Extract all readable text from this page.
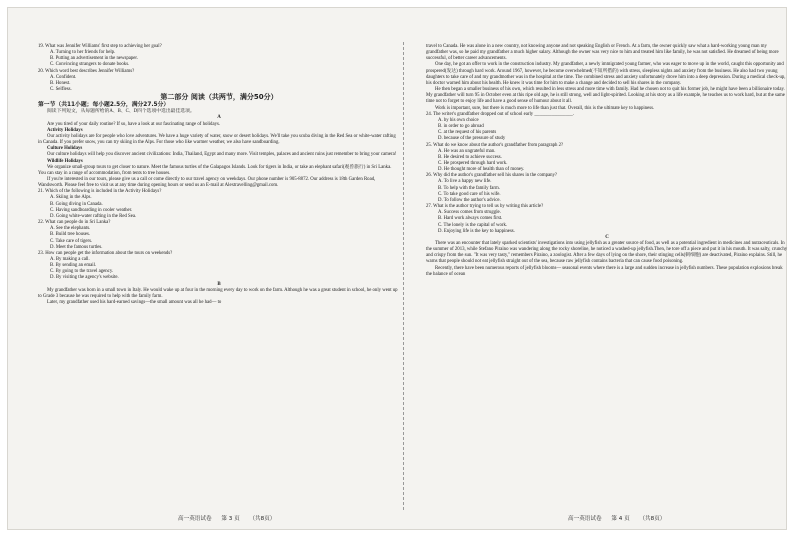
19. What was Jennifer Williams' first step to achieving her goal?

A. Turning to her friends for help.

B. Putting an advertisement in the newspaper.

C. Convincing strangers to donate books.

20. Which word best describes Jennifer Williams?

A. Confident.

B. Honest.

C. Selfless.

第二部分 阅读（共两节，满分50分）

第一节（共11小题；每小题2.5分，满分27.5分）

阅读下列短文，从每题所给的A、B、C、D四个选项中选出最佳选项。

A

Are you tired of your daily routine? If so, have a look at our fascinating range of holidays.

Activity Holidays

Our activity holidays are for people who love adventures. We have a huge variety of water, snow or desert holidays. We'll take you scuba diving in the Red Sea or white-water rafting in Canada. If you prefer snow, you can try skiing in the Alps. For those who like warmer weather, we also have sandboarding.

Culture Holidays

Our culture holidays will help you discover ancient civilizations: India, Thailand, Egypt and many more. Visit temples, palaces and ancient ruins just remember to bring your camera!

Wildlife Holidays

We organize small-group tours to get closer to nature. Meet the famous turtles of the Galapagos Islands. Look for tigers in India, or take an elephant safari(观兽旅行) in Sri Lanka. You can stay in a range of accommodation, from tents to tree houses.

If you're interested in our tours, please give us a call or come directly to our travel agency on weekdays. Our phone number is 905-8872. Our address is 18th Garden Road, Wandsworth. Please feel free to visit us at any time during opening hours or send us an E-mail at Alextravelling@gmail.com.

21. Which of the following is included in the Activity Holidays?

A. Skiing in the Alps.

B. Going diving in Canada.

C. Having sandboarding in cooler weather.

D. Going white-water rafting in the Red Sea.

22. What can people do in Sri Lanka?

A. See the elephants.

B. Build tree houses.

C. Take care of tigers.

D. Meet the famous turtles.

23. How can people get the information about the tours on weekends?

A. By making a call.

B. By sending an email.

C. By going to the travel agency.

D. By visiting the agency's website.

B

My grandfather was born in a small town in Italy. He would wake up at four in the morning every day to work on the farm. Although he was a great student in school, he only went up to Grade 3 because he was required to help with the family farm.

Later, my grandfather used his hard-earned savings—the small amount was all he had— to

travel to Canada. He was alone in a new country, not knowing anyone and not speaking English or French. At a farm, the owner quickly saw what a hard-working young man my grandfather was, so he paid my grandfather a much higher salary. Although the owner was very nice to him and treated him like family, he was not satisfied. He dreamed of being more successful, of better career advancements.

One day, he got an offer to work in the construction industry. My grandfather, a newly immigrated young farmer, who was eager to move up in the world, caught this opportunity and prospered(发达) through hard work. Around 1967, however, he become overwhelmed(不知所措的) with stress, sleepless nights and anxiety from the business. He also had two young daughters to take care of and my grandmother was in the hospital at the time. The combined stress and anxiety unfortunately drove him into a deep depression. During a medical check-up, his doctor warned him about his health. He knew it was time for him to make a change and decided to sell his shares in the company.

He then began a smaller business of his own, which resulted in less stress and more time with family. Had he chosen not to quit his former job, he might have been a billionaire today. My grandfather will turn 95 in October even at this ripe old age, he is still strong, well and light-spirited. Looking at his story as a life example, he teaches us to work hard, but at the same time not to forget to enjoy life and have a good sense of humour about it all.

Work is important, sure, but there is much more to life than just that. Overall, this is the ultimate key to happiness.

24. The writer's grandfather dropped out of school early ________________.

A. by his own choice

B. in order to go abroad

C. at the request of his parents

D. because of the pressure of study

25. What do we know about the author's grandfather from paragraph 2?

A. He was an ungrateful man.

B. He desired to achieve success.

C. He prospered through hard work.

D. He thought more of health than of money.

26. Why did the author's grandfather sell his shares in the company?

A. To live a happy new life.

B. To help with the family farm.

C. To take good care of his wife.

D. To follow the author's advice.

27. What is the author trying to tell us by writing this article?

A. Success comes from struggle.

B. Hard work always comes first.

C. The lonely is the capital of work.

D. Enjoying life is the key to happiness.

C

There was an encounter that lately sparked scientists' investigations into using jellyfish as a greater source of food, as well as a potential ingredient in medicines and nutraceuticals. In the summer of 2013, while Stefano Piraino was wandering along the rocky shoreline, he noticed a washed-up jellyfish.Then, he tore off a piece and put it in his mouth. It was salty, crunchy and crispy from the sun. "It was very tasty," remembers Piraino, a zoologist. After a few days of lying on the shore, their stinging cells(刺细胞) are deactivated, Piraino explains. Still, he warns that people should not eat jellyfish straight out of the sea, because raw jellyfish contains bacteria that can cause food poisoning.

Recently, there have been numerous reports of jellyfish blooms— seasonal events where there is a large and sudden increase in jellyfish numbers. These population explosions break the balance of ocean

高一英语试卷 第 3 页 （共8页）	高一英语试卷 第 4 页 （共8页）
